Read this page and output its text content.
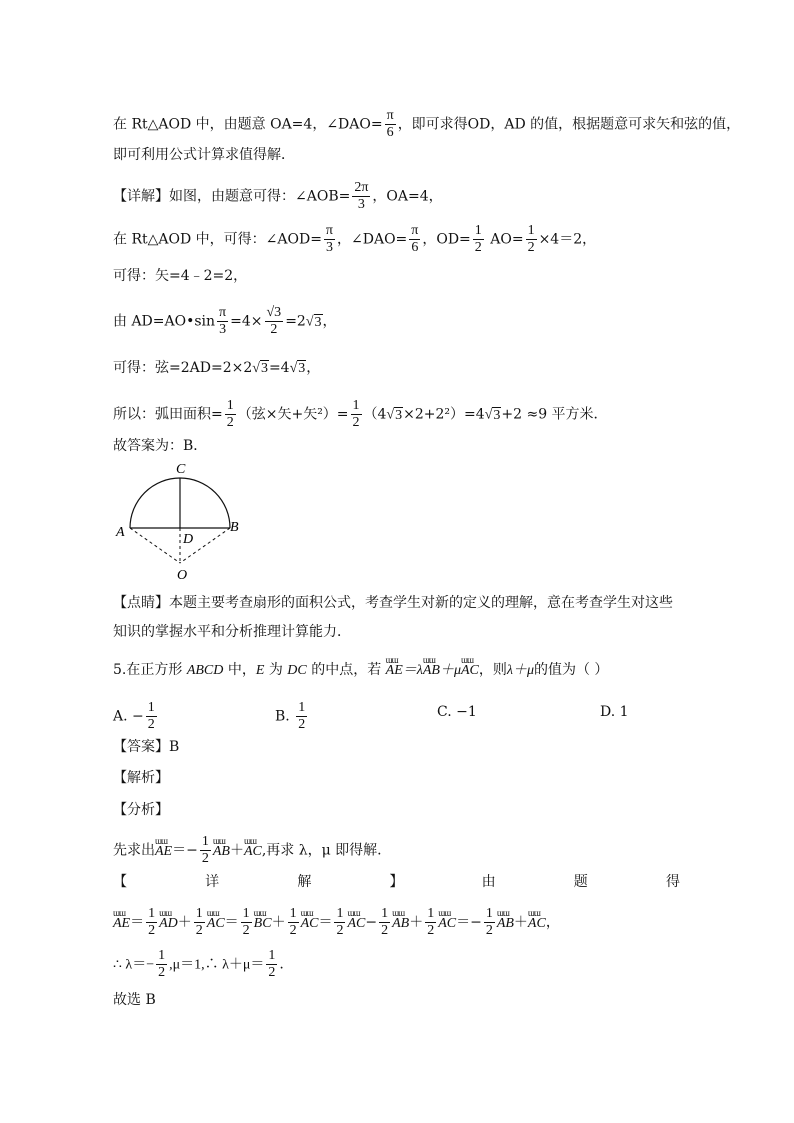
在 Rt△AOD 中，由题意 OA=4，∠DAO= $\frac{\pi}{6}$ ，即可求得OD，AD 的值，根据题意可求矢和弦的值，
即可利用公式计算求值得解．
【详解】如图，由题意可得：∠AOB= $\frac{2\pi}{3}$ ，OA=4，
在 Rt△AOD 中，可得：∠AOD= $\frac{\pi}{3}$ ，∠DAO= $\frac{\pi}{6}$ ，$OD= \frac{1}{2} AO= \frac{1}{2} \times 4=2$，
可得：矢=4﹣2=2，
由 AD=AO•sin $\frac{\pi}{3} =4\times \frac{√3}{2} =2√3$，
可得：弦=2AD=2×2√3=4√3，
所以：弧田面积= $\frac{1}{2}$ （弦×矢+矢$^2)= \frac{1}{2} (4√3\times 2+2^2)=4√3+2 \approx 9$ 平方米．
故答案为：B．
C
A	B
D
O
【点睛】本题主要考查扇形的面积公式，考查学生对新的定义的理解，意在考查学生对这些
知识的掌握水平和分析推理计算能力．
5.在正方形 ABCD 中，E 为 DC 的中点，若 ɯɯ AE＝λɯɯ AB＋μɯɯ AC，则λ＋μ的值为（ ）
A. − $\frac{1}{2}$	B. $\frac{1}{2}$	C. −1	D. 1
【答案】B
【解析】
【分析】
先求出ɯɯ $AE=- \frac{1}{2}$ ɯɯ AB＋ɯɯ AC,再求 λ，μ 即得解.
【	详	解	】	由	题	得
ɯɯ $AE= \frac{1}{2}$ ɯɯ $AD+ \frac{1}{2}$ ɯɯ $AC= \frac{1}{2}$ ɯɯ $BC+ \frac{1}{2}$ ɯɯ $AC= \frac{1}{2}$ ɯɯ $AC- \frac{1}{2}$ ɯɯ $AB+ \frac{1}{2}$ ɯɯ $AC=- \frac{1}{2}$ ɯɯ AB＋ɯɯ AC，
∴ $\lambda=- \frac{1}{2}$ ,μ＝1,∴ $\lambda+\mu= \frac{1}{2}$ .
故选 B
